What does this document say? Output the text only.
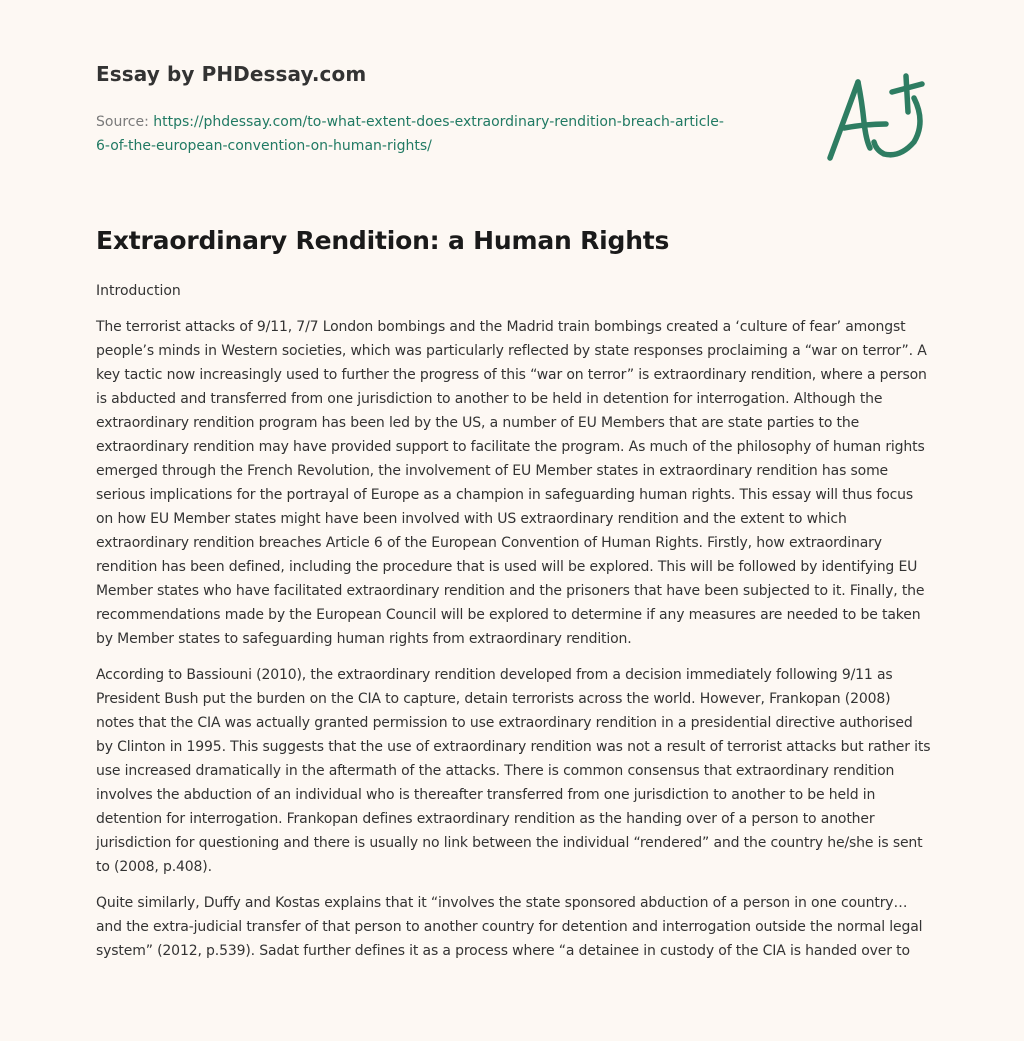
Essay by PHDessay.com
Source: https://phdessay.com/to-what-extent-does-extraordinary-rendition-breach-article-6-of-the-european-convention-on-human-rights/
Extraordinary Rendition: a Human Rights

Introduction

The terrorist attacks of 9/11, 7/7 London bombings and the Madrid train bombings created a ‘culture of fear’ amongst people’s minds in Western societies, which was particularly reflected by state responses proclaiming a “war on terror”. A key tactic now increasingly used to further the progress of this “war on terror” is extraordinary rendition, where a person is abducted and transferred from one jurisdiction to another to be held in detention for interrogation. Although the extraordinary rendition program has been led by the US, a number of EU Members that are state parties to the extraordinary rendition may have provided support to facilitate the program. As much of the philosophy of human rights emerged through the French Revolution, the involvement of EU Member states in extraordinary rendition has some serious implications for the portrayal of Europe as a champion in safeguarding human rights. This essay will thus focus on how EU Member states might have been involved with US extraordinary rendition and the extent to which extraordinary rendition breaches Article 6 of the European Convention of Human Rights. Firstly, how extraordinary rendition has been defined, including the procedure that is used will be explored. This will be followed by identifying EU Member states who have facilitated extraordinary rendition and the prisoners that have been subjected to it. Finally, the recommendations made by the European Council will be explored to determine if any measures are needed to be taken by Member states to safeguarding human rights from extraordinary rendition.

According to Bassiouni (2010), the extraordinary rendition developed from a decision immediately following 9/11 as President Bush put the burden on the CIA to capture, detain terrorists across the world. However, Frankopan (2008) notes that the CIA was actually granted permission to use extraordinary rendition in a presidential directive authorised by Clinton in 1995. This suggests that the use of extraordinary rendition was not a result of terrorist attacks but rather its use increased dramatically in the aftermath of the attacks. There is common consensus that extraordinary rendition involves the abduction of an individual who is thereafter transferred from one jurisdiction to another to be held in detention for interrogation. Frankopan defines extraordinary rendition as the handing over of a person to another jurisdiction for questioning and there is usually no link between the individual “rendered” and the country he/she is sent to (2008, p.408).

Quite similarly, Duffy and Kostas explains that it “involves the state sponsored abduction of a person in one country… and the extra-judicial transfer of that person to another country for detention and interrogation outside the normal legal system” (2012, p.539). Sadat further defines it as a process where “a detainee in custody of the CIA is handed over to
